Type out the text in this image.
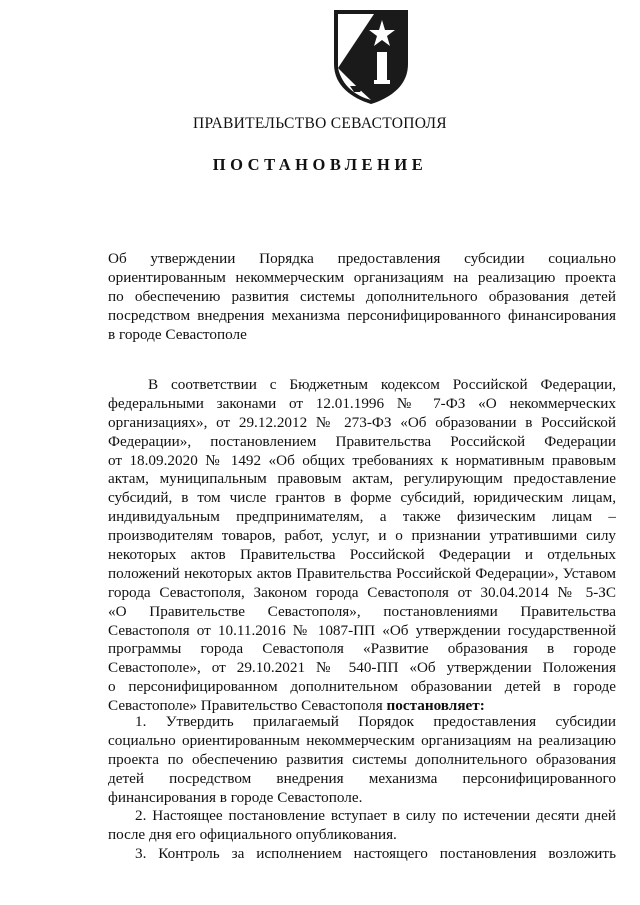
ПРАВИТЕЛЬСТВО СЕВАСТОПОЛЯ
ПОСТАНОВЛЕНИЕ
Об утверждении Порядка предоставления субсидии социально
ориентированным некоммерческим организациям на реализацию проекта
по обеспечению развития системы дополнительного образования детей
посредством внедрения механизма персонифицированного финансирования
в городе Севастополе
В соответствии с Бюджетным кодексом Российской Федерации,
федеральными законами от 12.01.1996 № 7-ФЗ «О некоммерческих
организациях», от 29.12.2012 № 273-ФЗ «Об образовании в Российской
Федерации», постановлением Правительства Российской Федерации
от 18.09.2020 № 1492 «Об общих требованиях к нормативным правовым
актам, муниципальным правовым актам, регулирующим предоставление
субсидий, в том числе грантов в форме субсидий, юридическим лицам,
индивидуальным предпринимателям, а также физическим лицам –
производителям товаров, работ, услуг, и о признании утратившими силу
некоторых актов Правительства Российской Федерации и отдельных
положений некоторых актов Правительства Российской Федерации», Уставом
города Севастополя, Законом города Севастополя от 30.04.2014 № 5-ЗС
«О Правительстве Севастополя», постановлениями Правительства
Севастополя от 10.11.2016 № 1087-ПП «Об утверждении государственной
программы города Севастополя «Развитие образования в городе
Севастополе», от 29.10.2021 № 540-ПП «Об утверждении Положения
о персонифицированном дополнительном образовании детей в городе
Севастополе» Правительство Севастополя постановляет:
1. Утвердить прилагаемый Порядок предоставления субсидии
социально ориентированным некоммерческим организациям на реализацию
проекта по обеспечению развития системы дополнительного образования
детей посредством внедрения механизма персонифицированного
финансирования в городе Севастополе.
2. Настоящее постановление вступает в силу по истечении десяти дней
после дня его официального опубликования.
3. Контроль за исполнением настоящего постановления возложить
